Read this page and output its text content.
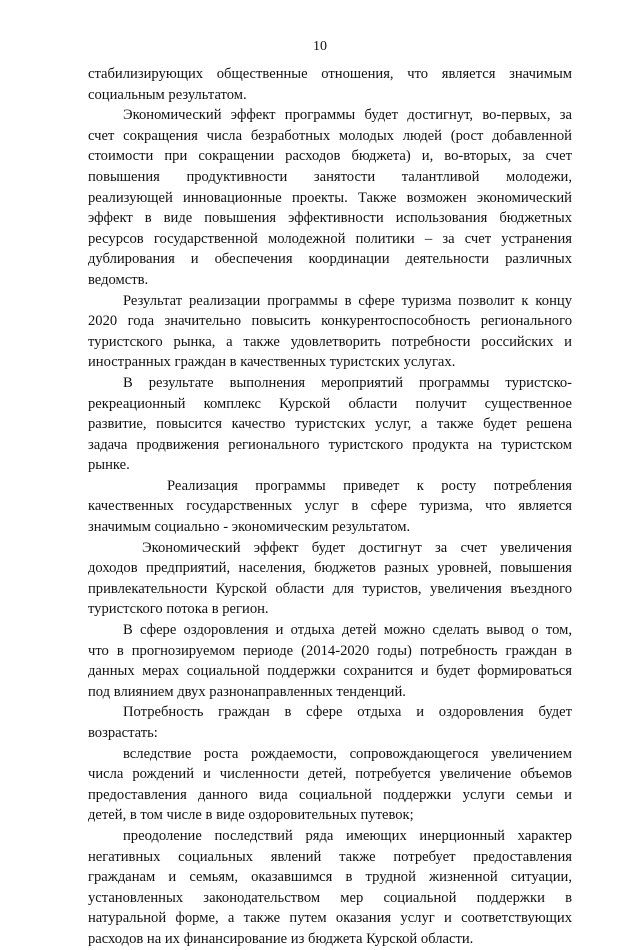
10
стабилизирующих общественные отношения, что является значимым
социальным результатом.
Экономический эффект программы будет достигнут, во-первых, за
счет сокращения числа безработных молодых людей (рост добавленной
стоимости при сокращении расходов бюджета) и, во-вторых, за счет
повышения продуктивности занятости талантливой молодежи,
реализующей инновационные проекты. Также возможен экономический
эффект в виде повышения эффективности использования бюджетных
ресурсов государственной молодежной политики – за счет устранения
дублирования и обеспечения координации деятельности различных
ведомств.
Результат реализации программы в сфере туризма позволит к концу
2020 года значительно повысить конкурентоспособность регионального
туристского рынка, а также удовлетворить потребности российских и
иностранных граждан в качественных туристских услугах.
В результате выполнения мероприятий программы туристско-
рекреационный комплекс Курской области получит существенное
развитие, повысится качество туристских услуг, а также будет решена
задача продвижения регионального туристского продукта на туристском
рынке.
Реализация программы приведет к росту потребления
качественных государственных услуг в сфере туризма, что является
значимым социально - экономическим результатом.
Экономический эффект будет достигнут за счет увеличения
доходов предприятий, населения, бюджетов разных уровней, повышения
привлекательности Курской области для туристов, увеличения въездного
туристского потока в регион.
В сфере оздоровления и отдыха детей можно сделать вывод о том,
что в прогнозируемом периоде (2014-2020 годы) потребность граждан в
данных мерах социальной поддержки сохранится и будет формироваться
под влиянием двух разнонаправленных тенденций.
Потребность граждан в сфере отдыха и оздоровления будет
возрастать:
вследствие роста рождаемости, сопровождающегося увеличением
числа рождений и численности детей, потребуется увеличение объемов
предоставления данного вида социальной поддержки услуги семьи и
детей, в том числе в виде оздоровительных путевок;
преодоление последствий ряда имеющих инерционный характер
негативных социальных явлений также потребует предоставления
гражданам и семьям, оказавшимся в трудной жизненной ситуации,
установленных законодательством мер социальной поддержки в
натуральной форме, а также путем оказания услуг и соответствующих
расходов на их финансирование из бюджета Курской области.
